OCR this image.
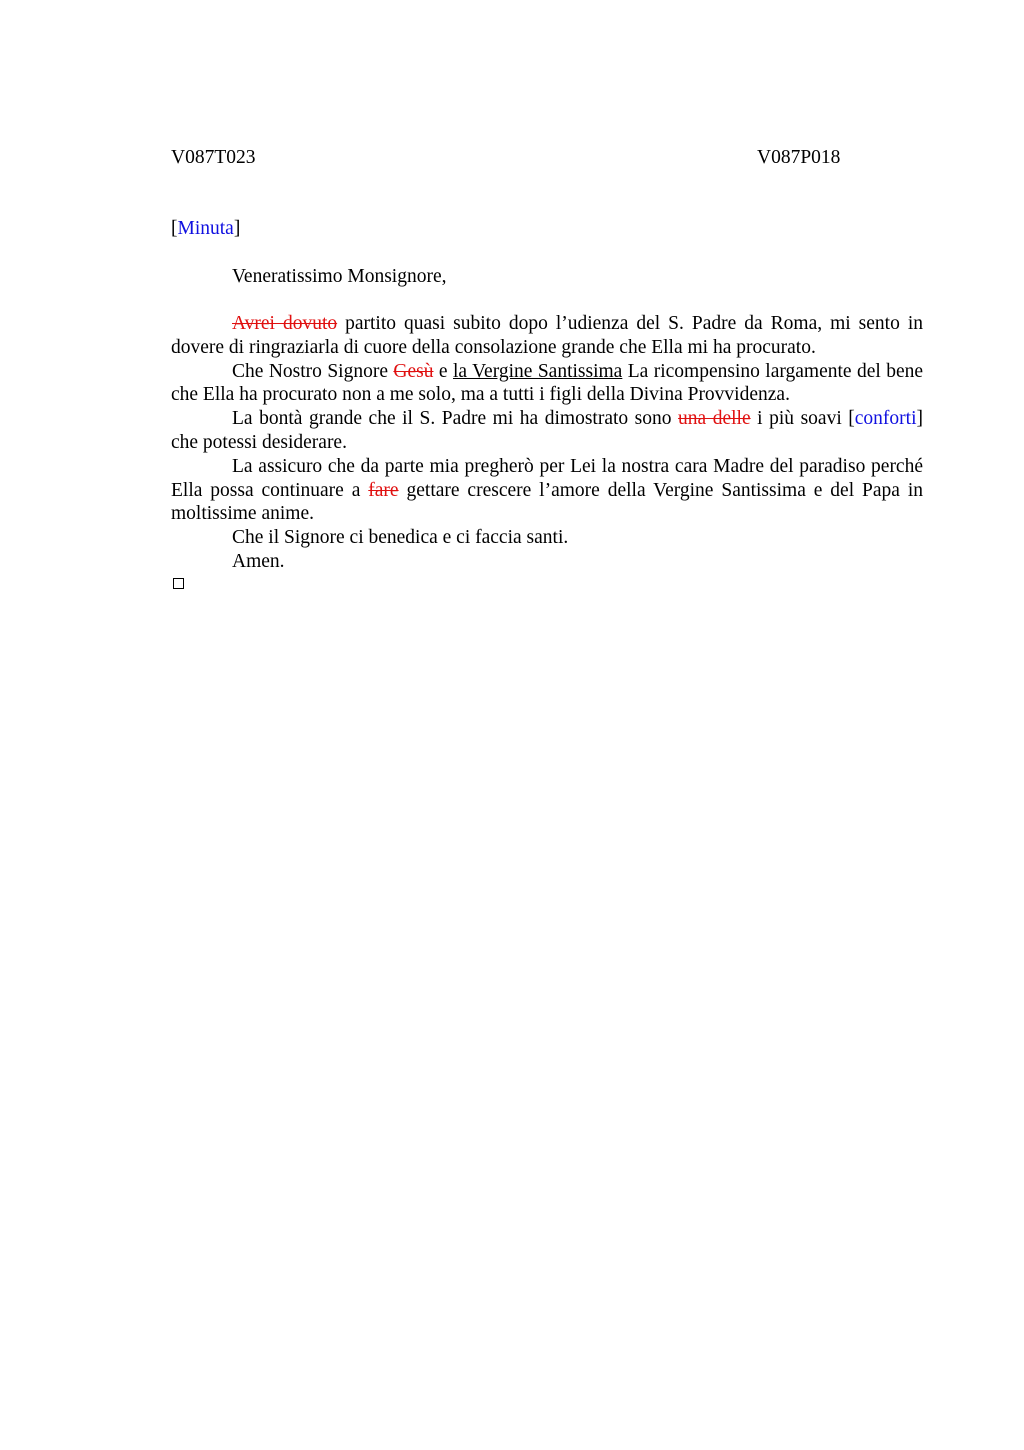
V087T023	V087P018
[Minuta]
Veneratissimo Monsignore,

Avrei dovuto partito quasi subito dopo l’udienza del S. Padre da Roma, mi sento in dovere di ringraziarla di cuore della consolazione grande che Ella mi ha procurato.

Che Nostro Signore Gesù e la Vergine Santissima La ricompensino largamente del bene che Ella ha procurato non a me solo, ma a tutti i figli della Divina Provvidenza.

La bontà grande che il S. Padre mi ha dimostrato sono una delle i più soavi [conforti] che potessi desiderare.

La assicuro che da parte mia pregherò per Lei la nostra cara Madre del paradiso perché Ella possa continuare a fare gettare crescere l’amore della Vergine Santissima e del Papa in moltissime anime.

Che il Signore ci benedica e ci faccia santi.

Amen.
